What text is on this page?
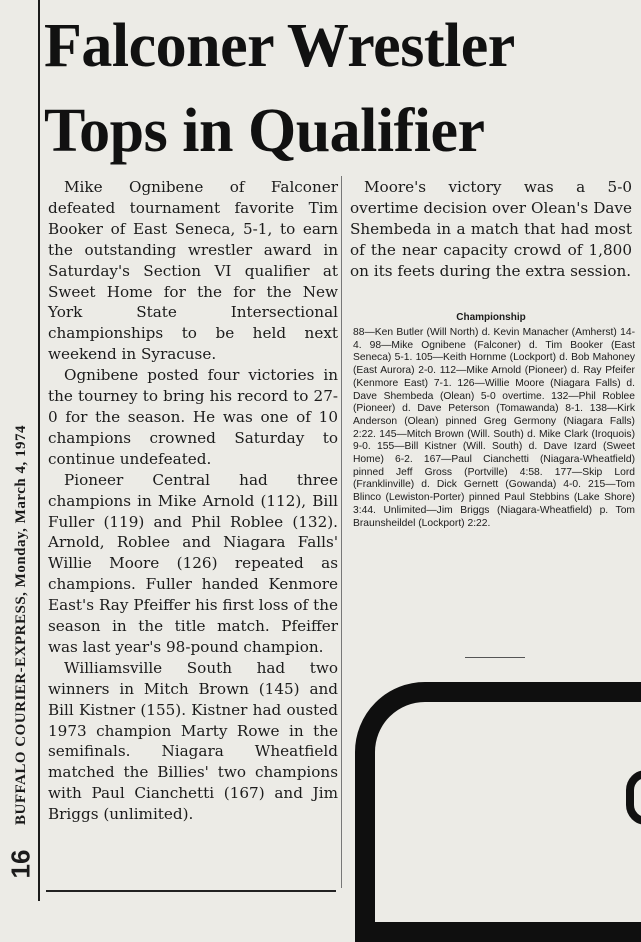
Falconer Wrestler
Tops in Qualifier
BUFFALO COURIER-EXPRESS, Monday, March 4, 1974
16

Mike Ognibene of Falconer defeated tournament favorite Tim Booker of East Seneca, 5-1, to earn the outstanding wrestler award in Saturday's Section VI qualifier at Sweet Home for the for the New York State Intersectional championships to be held next weekend in Syracuse.

Ognibene posted four victories in the tourney to bring his record to 27-0 for the season. He was one of 10 champions crowned Saturday to continue undefeated.

Pioneer Central had three champions in Mike Arnold (112), Bill Fuller (119) and Phil Roblee (132). Arnold, Roblee and Niagara Falls' Willie Moore (126) repeated as champions. Fuller handed Kenmore East's Ray Pfeiffer his first loss of the season in the title match. Pfeiffer was last year's 98-pound champion.

Williamsville South had two winners in Mitch Brown (145) and Bill Kistner (155). Kistner had ousted 1973 champion Marty Rowe in the semifinals. Niagara Wheatfield matched the Billies' two champions with Paul Cianchetti (167) and Jim Briggs (unlimited).

Moore's victory was a 5-0 overtime decision over Olean's Dave Shembeda in a match that had most of the near capacity crowd of 1,800 on its feets during the extra session.

Championship
88—Ken Butler (Will North) d. Kevin Manacher (Amherst) 14-4. 98—Mike Ognibene (Falconer) d. Tim Booker (East Seneca) 5-1. 105—Keith Hornme (Lockport) d. Bob Mahoney (East Aurora) 2-0. 112—Mike Arnold (Pioneer) d. Ray Pfeifer (Kenmore East) 7-1. 126—Willie Moore (Niagara Falls) d. Dave Shembeda (Olean) 5-0 overtime. 132—Phil Roblee (Pioneer) d. Dave Peterson (Tomawanda) 8-1. 138—Kirk Anderson (Olean) pinned Greg Germony (Niagara Falls) 2:22. 145—Mitch Brown (Will. South) d. Mike Clark (Iroquois) 9-0. 155—Bill Kistner (Will. South) d. Dave Izard (Sweet Home) 6-2. 167—Paul Cianchetti (Niagara-Wheatfield) pinned Jeff Gross (Portville) 4:58. 177—Skip Lord (Franklinville) d. Dick Gernett (Gowanda) 4-0. 215—Tom Blinco (Lewiston-Porter) pinned Paul Stebbins (Lake Shore) 3:44. Unlimited—Jim Briggs (Niagara-Wheatfield) p. Tom Braunsheildel (Lockport) 2:22.
